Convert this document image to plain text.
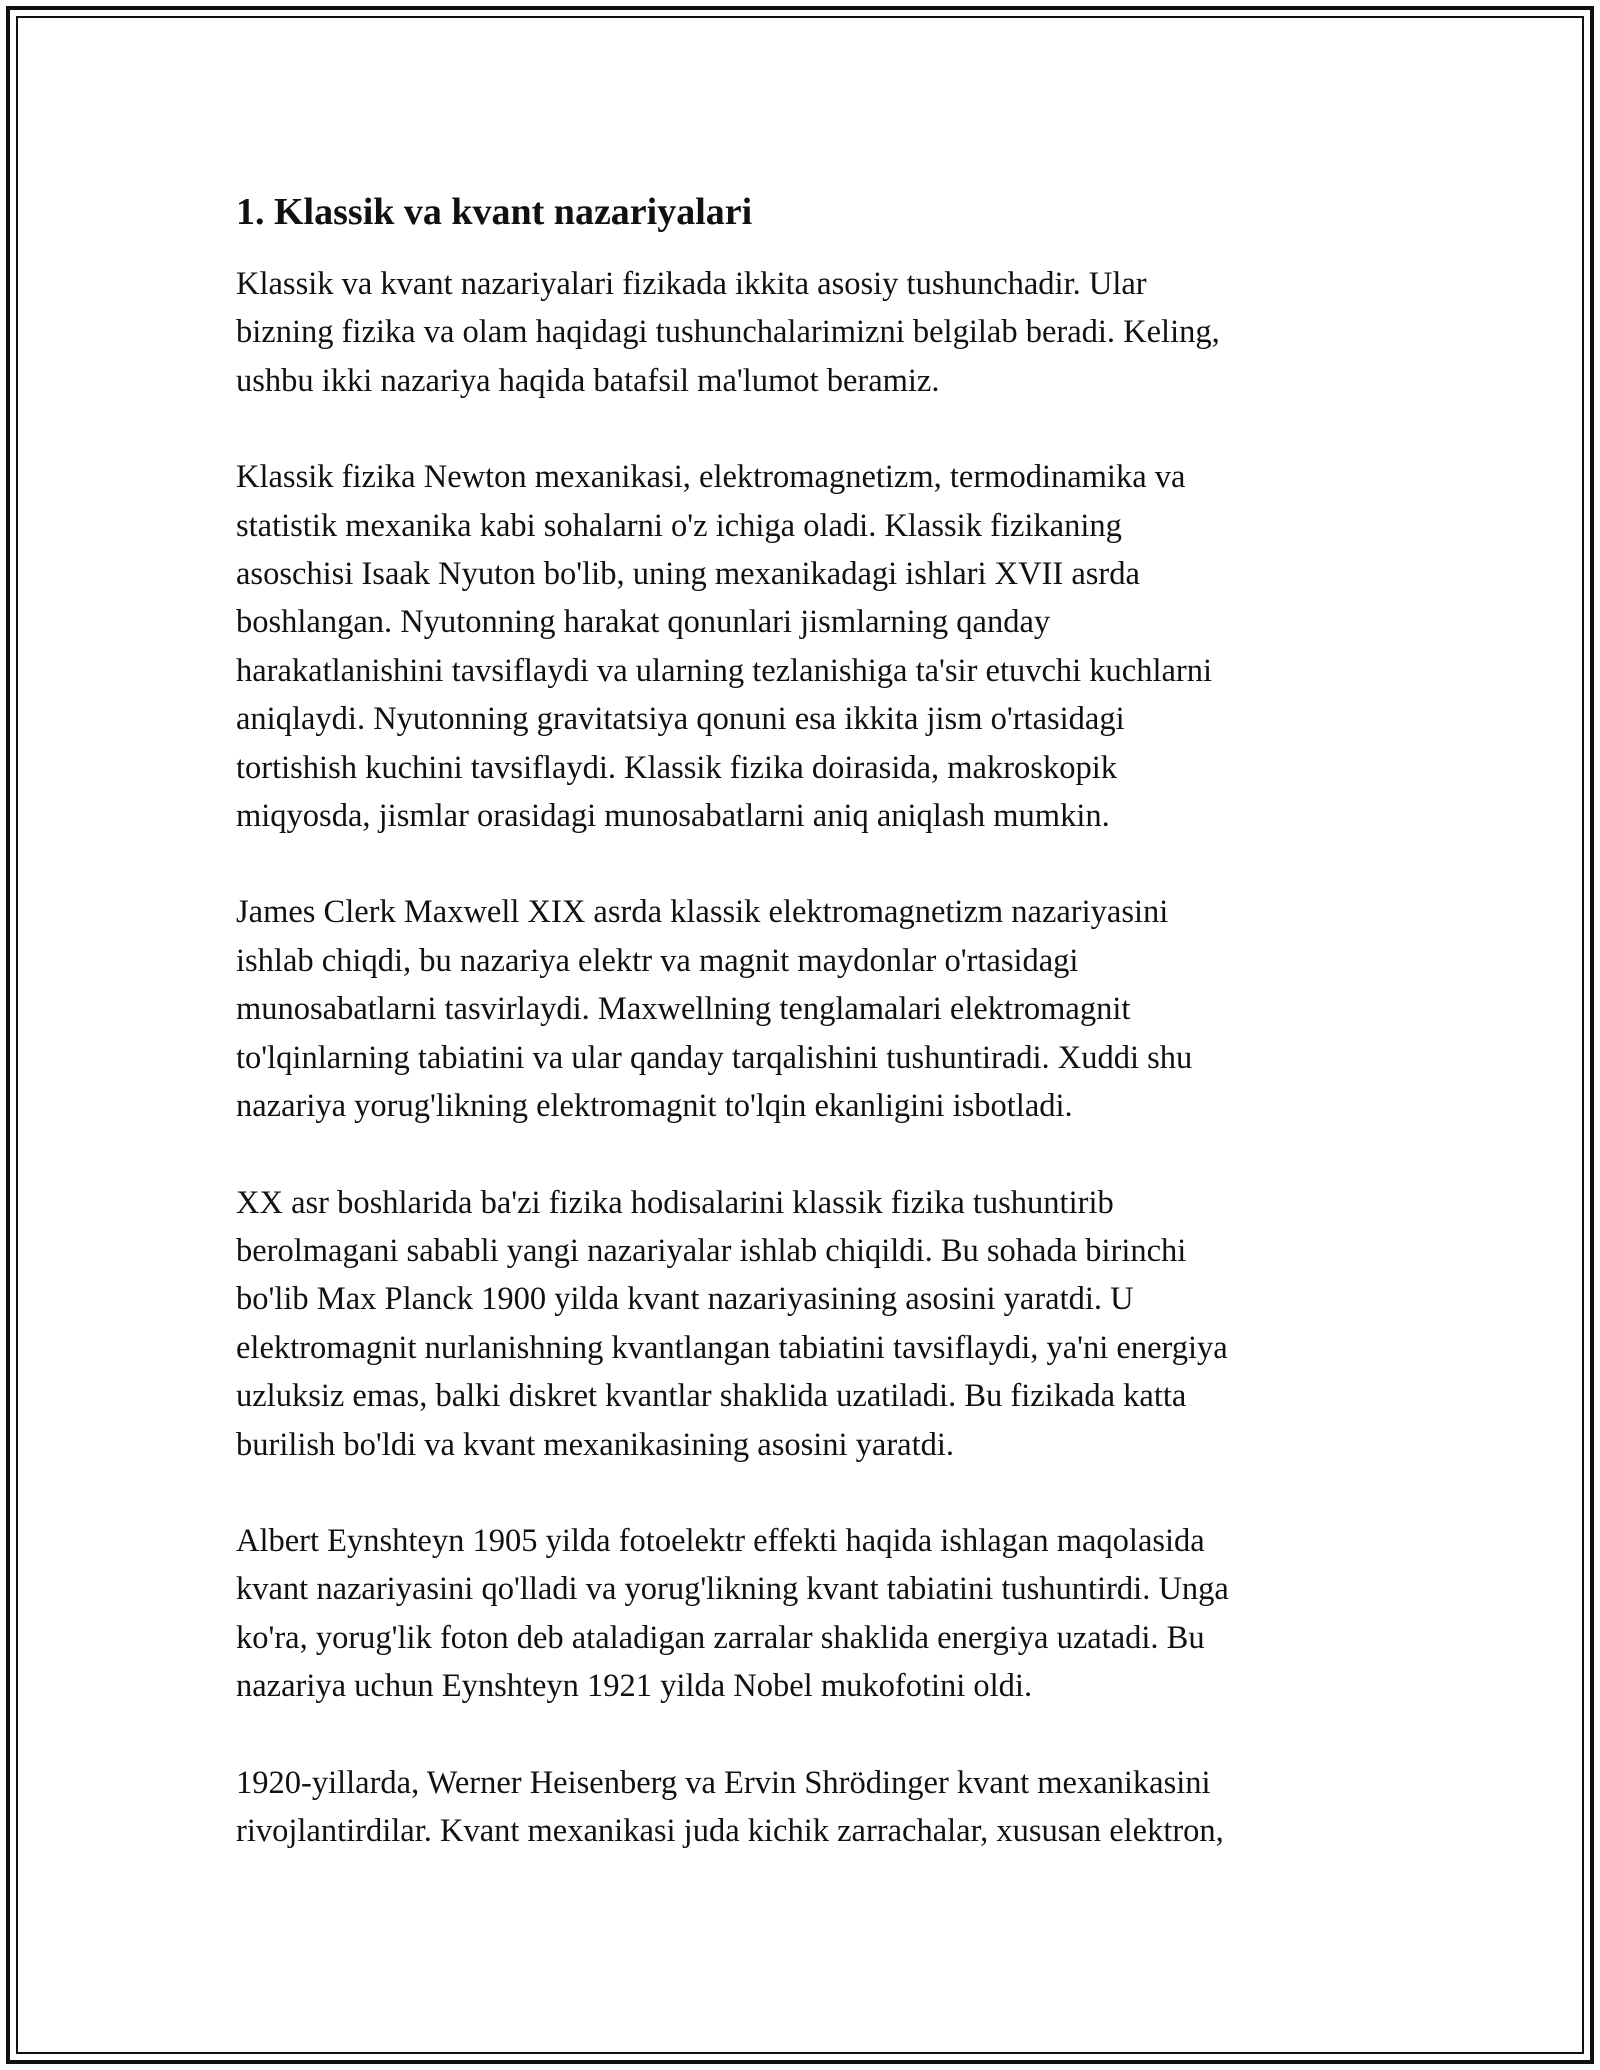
1. Klassik va kvant nazariyalari
Klassik va kvant nazariyalari fizikada ikkita asosiy tushunchadir. Ular
bizning fizika va olam haqidagi tushunchalarimizni belgilab beradi. Keling,
ushbu ikki nazariya haqida batafsil ma'lumot beramiz.
Klassik fizika Newton mexanikasi, elektromagnetizm, termodinamika va
statistik mexanika kabi sohalarni o'z ichiga oladi. Klassik fizikaning
asoschisi Isaak Nyuton bo'lib, uning mexanikadagi ishlari XVII asrda
boshlangan. Nyutonning harakat qonunlari jismlarning qanday
harakatlanishini tavsiflaydi va ularning tezlanishiga ta'sir etuvchi kuchlarni
aniqlaydi. Nyutonning gravitatsiya qonuni esa ikkita jism o'rtasidagi
tortishish kuchini tavsiflaydi. Klassik fizika doirasida, makroskopik
miqyosda, jismlar orasidagi munosabatlarni aniq aniqlash mumkin.
James Clerk Maxwell XIX asrda klassik elektromagnetizm nazariyasini
ishlab chiqdi, bu nazariya elektr va magnit maydonlar o'rtasidagi
munosabatlarni tasvirlaydi. Maxwellning tenglamalari elektromagnit
to'lqinlarning tabiatini va ular qanday tarqalishini tushuntiradi. Xuddi shu
nazariya yorug'likning elektromagnit to'lqin ekanligini isbotladi.
XX asr boshlarida ba'zi fizika hodisalarini klassik fizika tushuntirib
berolmagani sababli yangi nazariyalar ishlab chiqildi. Bu sohada birinchi
bo'lib Max Planck 1900 yilda kvant nazariyasining asosini yaratdi. U
elektromagnit nurlanishning kvantlangan tabiatini tavsiflaydi, ya'ni energiya
uzluksiz emas, balki diskret kvantlar shaklida uzatiladi. Bu fizikada katta
burilish bo'ldi va kvant mexanikasining asosini yaratdi.
Albert Eynshteyn 1905 yilda fotoelektr effekti haqida ishlagan maqolasida
kvant nazariyasini qo'lladi va yorug'likning kvant tabiatini tushuntirdi. Unga
ko'ra, yorug'lik foton deb ataladigan zarralar shaklida energiya uzatadi. Bu
nazariya uchun Eynshteyn 1921 yilda Nobel mukofotini oldi.
1920-yillarda, Werner Heisenberg va Ervin Shrödinger kvant mexanikasini
rivojlantirdilar. Kvant mexanikasi juda kichik zarrachalar, xususan elektron,
